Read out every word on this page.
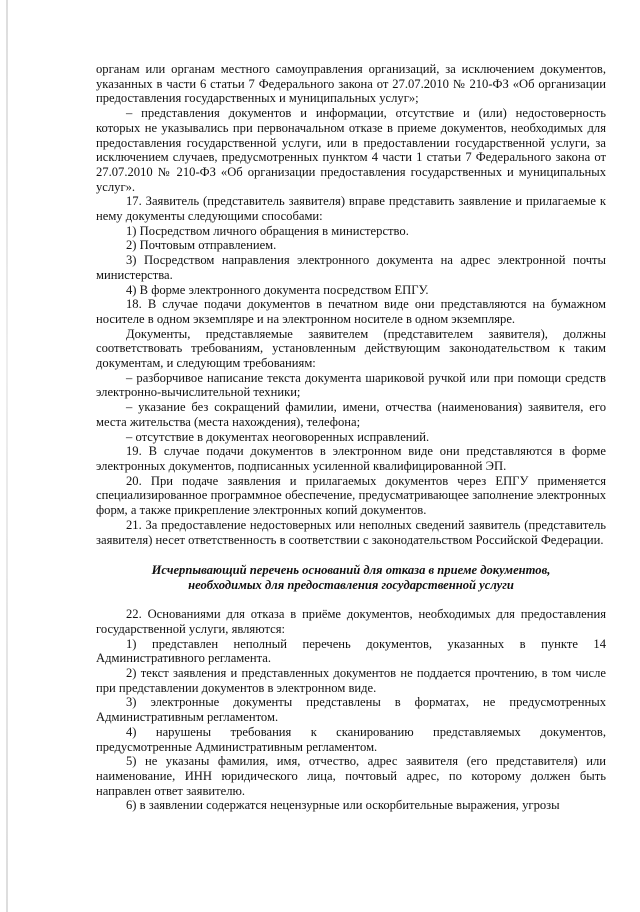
органам или органам местного самоуправления организаций, за исключением документов, указанных в части 6 статьи 7 Федерального закона от 27.07.2010 № 210-ФЗ «Об организации предоставления государственных и муниципальных услуг»;

– представления документов и информации, отсутствие и (или) недостоверность которых не указывались при первоначальном отказе в приеме документов, необходимых для предоставления государственной услуги, или в предоставлении государственной услуги, за исключением случаев, предусмотренных пунктом 4 части 1 статьи 7 Федерального закона от 27.07.2010 № 210-ФЗ «Об организации предоставления государственных и муниципальных услуг».

17. Заявитель (представитель заявителя) вправе представить заявление и прилагаемые к нему документы следующими способами:

1) Посредством личного обращения в министерство.

2) Почтовым отправлением.

3) Посредством направления электронного документа на адрес электронной почты министерства.

4) В форме электронного документа посредством ЕПГУ.

18. В случае подачи документов в печатном виде они представляются на бумажном носителе в одном экземпляре и на электронном носителе в одном экземпляре.

Документы, представляемые заявителем (представителем заявителя), должны соответствовать требованиям, установленным действующим законодательством к таким документам, и следующим требованиям:

– разборчивое написание текста документа шариковой ручкой или при помощи средств электронно-вычислительной техники;

– указание без сокращений фамилии, имени, отчества (наименования) заявителя, его места жительства (места нахождения), телефона;

– отсутствие в документах неоговоренных исправлений.

19. В случае подачи документов в электронном виде они представляются в форме электронных документов, подписанных усиленной квалифицированной ЭП.

20. При подаче заявления и прилагаемых документов через ЕПГУ применяется специализированное программное обеспечение, предусматривающее заполнение электронных форм, а также прикрепление электронных копий документов.

21. За предоставление недостоверных или неполных сведений заявитель (представитель заявителя) несет ответственность в соответствии с законодательством Российской Федерации.

Исчерпывающий перечень оснований для отказа в приеме документов,
необходимых для предоставления государственной услуги

22. Основаниями для отказа в приёме документов, необходимых для предоставления государственной услуги, являются:

1) представлен неполный перечень документов, указанных в пункте 14 Административного регламента.

2) текст заявления и представленных документов не поддается прочтению, в том числе при представлении документов в электронном виде.

3) электронные документы представлены в форматах, не предусмотренных Административным регламентом.

4) нарушены требования к сканированию представляемых документов, предусмотренные Административным регламентом.

5) не указаны фамилия, имя, отчество, адрес заявителя (его представителя) или наименование, ИНН юридического лица, почтовый адрес, по которому должен быть направлен ответ заявителю.

6) в заявлении содержатся нецензурные или оскорбительные выражения, угрозы
